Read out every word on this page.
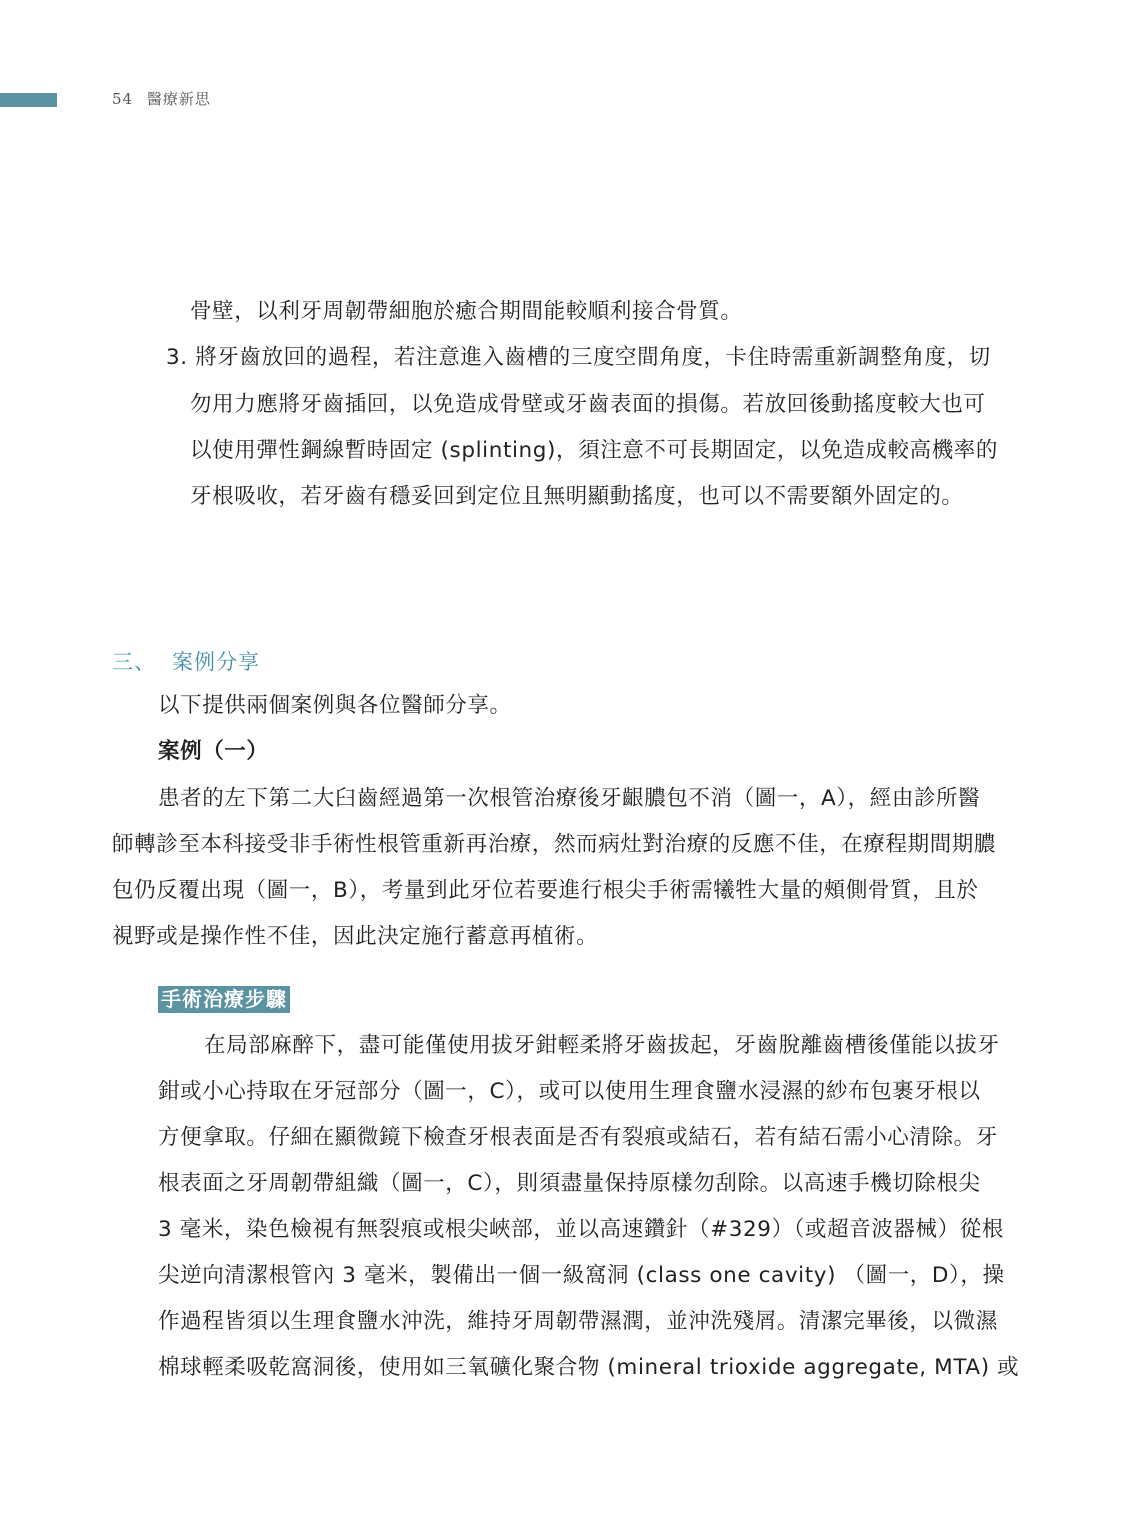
54 醫療新思
骨壁，以利牙周韌帶細胞於癒合期間能較順利接合骨質。
3. 將牙齒放回的過程，若注意進入齒槽的三度空間角度，卡住時需重新調整角度，切
勿用力應將牙齒插回，以免造成骨壁或牙齒表面的損傷。若放回後動搖度較大也可
以使用彈性鋼線暫時固定 (splinting)，須注意不可長期固定，以免造成較高機率的
牙根吸收，若牙齒有穩妥回到定位且無明顯動搖度，也可以不需要額外固定的。
三、 案例分享
以下提供兩個案例與各位醫師分享。
案例（一）
患者的左下第二大臼齒經過第一次根管治療後牙齦膿包不消（圖一，A），經由診所醫
師轉診至本科接受非手術性根管重新再治療，然而病灶對治療的反應不佳，在療程期間期膿
包仍反覆出現（圖一，B），考量到此牙位若要進行根尖手術需犧牲大量的頰側骨質，且於
視野或是操作性不佳，因此決定施行蓄意再植術。
手術治療步驟
在局部麻醉下，盡可能僅使用拔牙鉗輕柔將牙齒拔起，牙齒脫離齒槽後僅能以拔牙
鉗或小心持取在牙冠部分（圖一，C），或可以使用生理食鹽水浸濕的紗布包裹牙根以
方便拿取。仔細在顯微鏡下檢查牙根表面是否有裂痕或結石，若有結石需小心清除。牙
根表面之牙周韌帶組織（圖一，C），則須盡量保持原樣勿刮除。以高速手機切除根尖
3 毫米，染色檢視有無裂痕或根尖峽部，並以高速鑽針（#329）（或超音波器械）從根
尖逆向清潔根管內 3 毫米，製備出一個一級窩洞 (class one cavity) （圖一，D），操
作過程皆須以生理食鹽水沖洗，維持牙周韌帶濕潤，並沖洗殘屑。清潔完畢後，以微濕
棉球輕柔吸乾窩洞後，使用如三氧礦化聚合物 (mineral trioxide aggregate, MTA) 或
